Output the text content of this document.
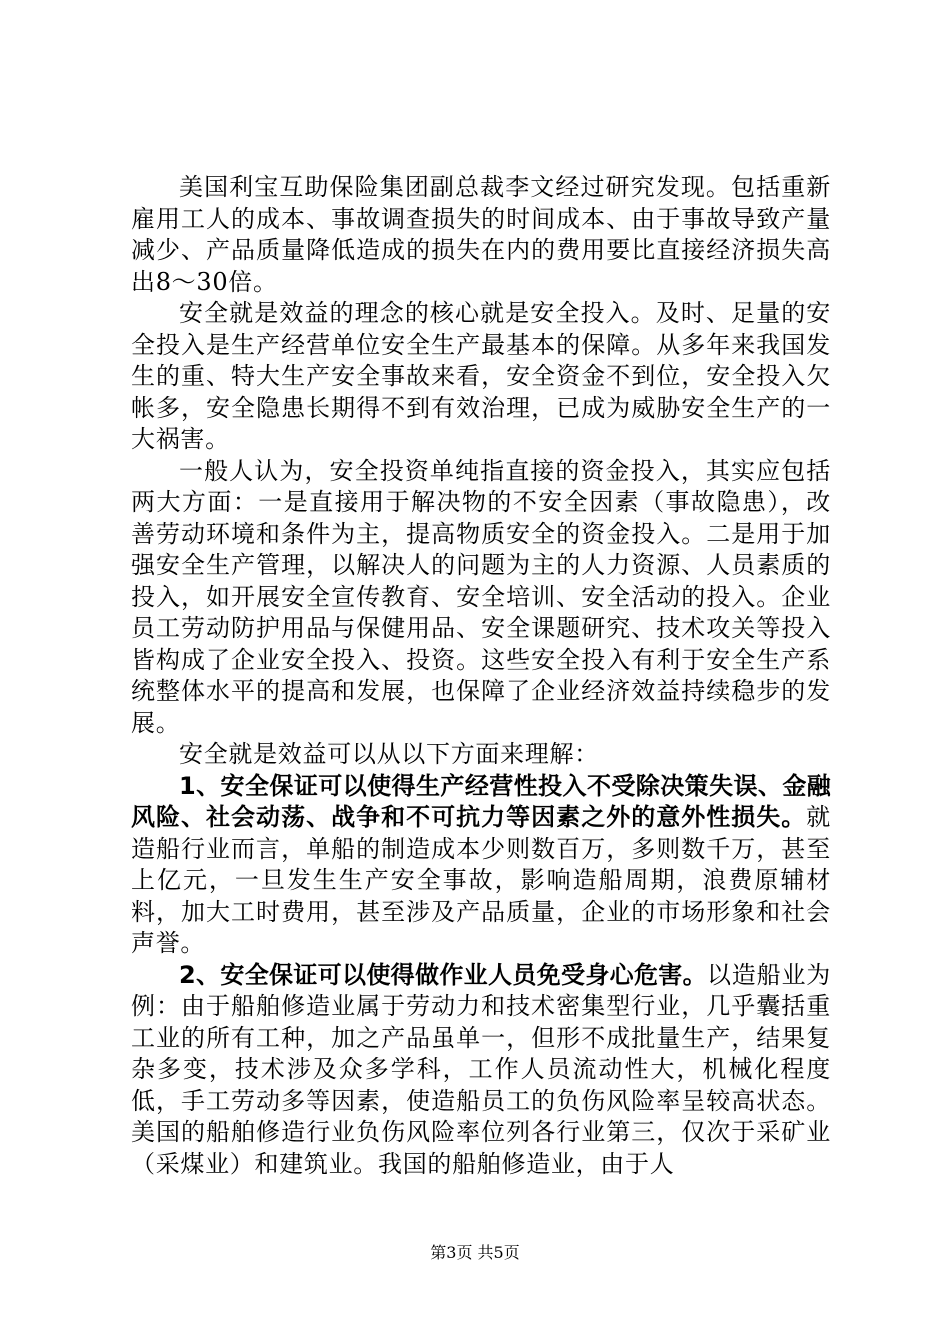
美国利宝互助保险集团副总裁李文经过研究发现。包括重新雇用工人的成本、事故调查损失的时间成本、由于事故导致产量减少、产品质量降低造成的损失在内的费用要比直接经济损失高出8～30倍。

安全就是效益的理念的核心就是安全投入。及时、足量的安全投入是生产经营单位安全生产最基本的保障。从多年来我国发生的重、特大生产安全事故来看，安全资金不到位，安全投入欠帐多，安全隐患长期得不到有效治理，已成为威胁安全生产的一大祸害。

一般人认为，安全投资单纯指直接的资金投入，其实应包括两大方面：一是直接用于解决物的不安全因素（事故隐患），改善劳动环境和条件为主，提高物质安全的资金投入。二是用于加强安全生产管理，以解决人的问题为主的人力资源、人员素质的投入，如开展安全宣传教育、安全培训、安全活动的投入。企业员工劳动防护用品与保健用品、安全课题研究、技术攻关等投入皆构成了企业安全投入、投资。这些安全投入有利于安全生产系统整体水平的提高和发展，也保障了企业经济效益持续稳步的发展。

安全就是效益可以从以下方面来理解：

1、安全保证可以使得生产经营性投入不受除决策失误、金融风险、社会动荡、战争和不可抗力等因素之外的意外性损失。就造船行业而言，单船的制造成本少则数百万，多则数千万，甚至上亿元，一旦发生生产安全事故，影响造船周期，浪费原辅材料，加大工时费用，甚至涉及产品质量，企业的市场形象和社会声誉。

2、安全保证可以使得做作业人员免受身心危害。以造船业为例：由于船舶修造业属于劳动力和技术密集型行业，几乎囊括重工业的所有工种，加之产品虽单一，但形不成批量生产，结果复杂多变，技术涉及众多学科，工作人员流动性大，机械化程度低，手工劳动多等因素，使造船员工的负伤风险率呈较高状态。美国的船舶修造行业负伤风险率位列各行业第三，仅次于采矿业（采煤业）和建筑业。我国的船舶修造业，由于人

第3页 共5页
